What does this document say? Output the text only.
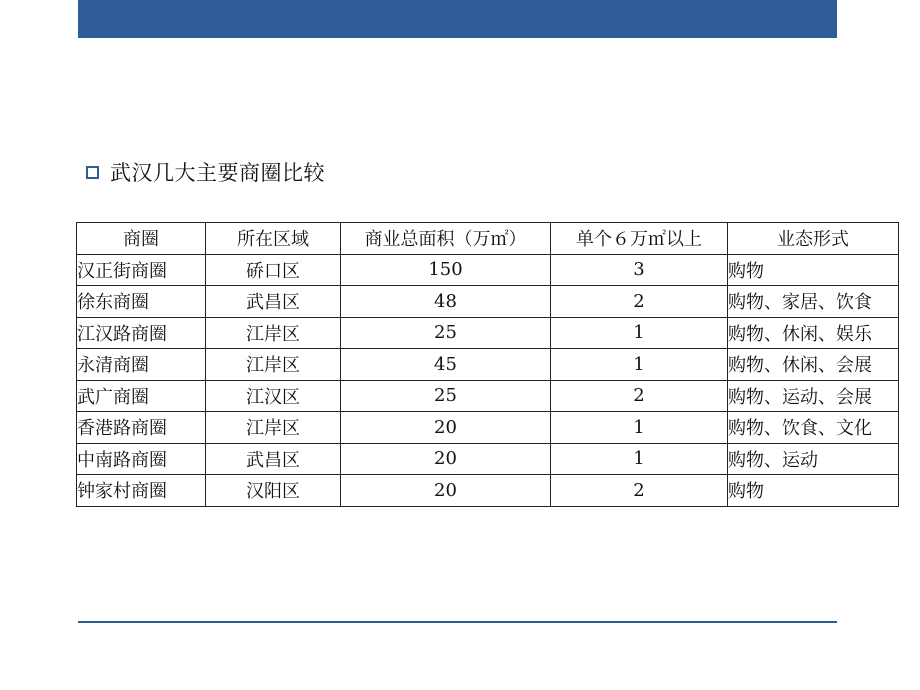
武汉几大主要商圈比较
商圈	所在区域	商业总面积（万㎡）	单个６万㎡以上	业态形式
汉正街商圈	硚口区	150	3	购物
徐东商圈	武昌区	48	2	购物、家居、饮食
江汉路商圈	江岸区	25	1	购物、休闲、娱乐
永清商圈	江岸区	45	1	购物、休闲、会展
武广商圈	江汉区	25	2	购物、运动、会展
香港路商圈	江岸区	20	1	购物、饮食、文化
中南路商圈	武昌区	20	1	购物、运动
钟家村商圈	汉阳区	20	2	购物
